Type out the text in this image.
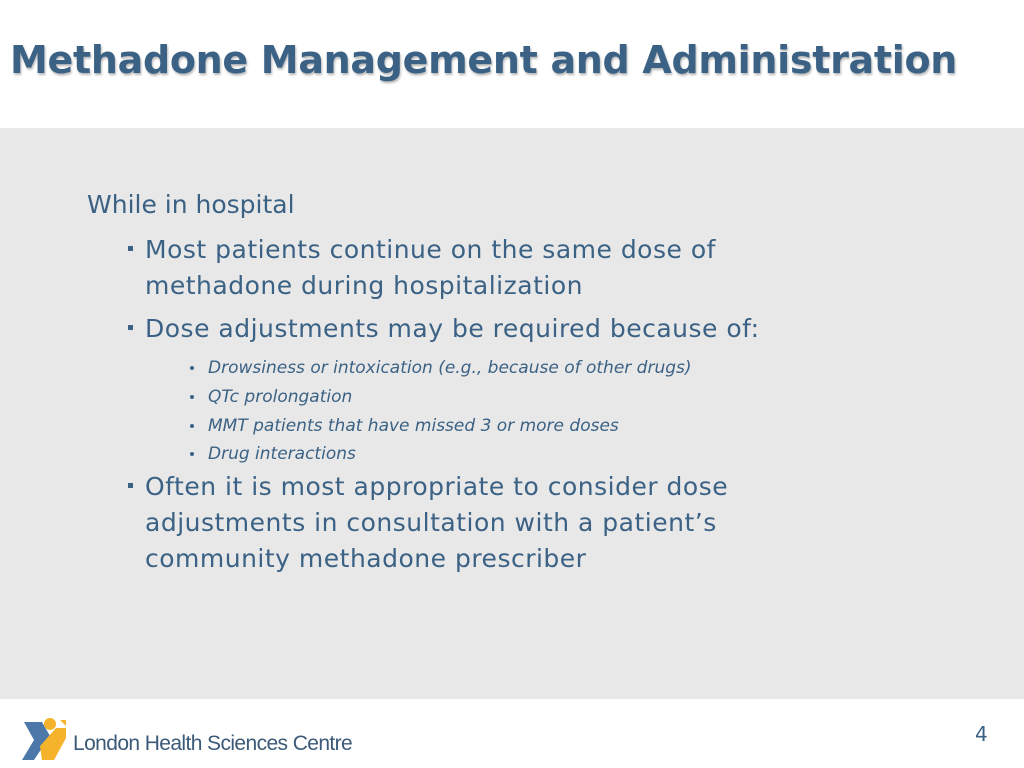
Methadone Management and Administration
While in hospital
Most patients continue on the same dose of methadone during hospitalization
Dose adjustments may be required because of:
Drowsiness or intoxication (e.g., because of other drugs)
QTc prolongation
MMT patients that have missed 3 or more doses
Drug interactions
Often it is most appropriate to consider dose adjustments in consultation with a patient’s community methadone prescriber
London Health Sciences Centre	4
